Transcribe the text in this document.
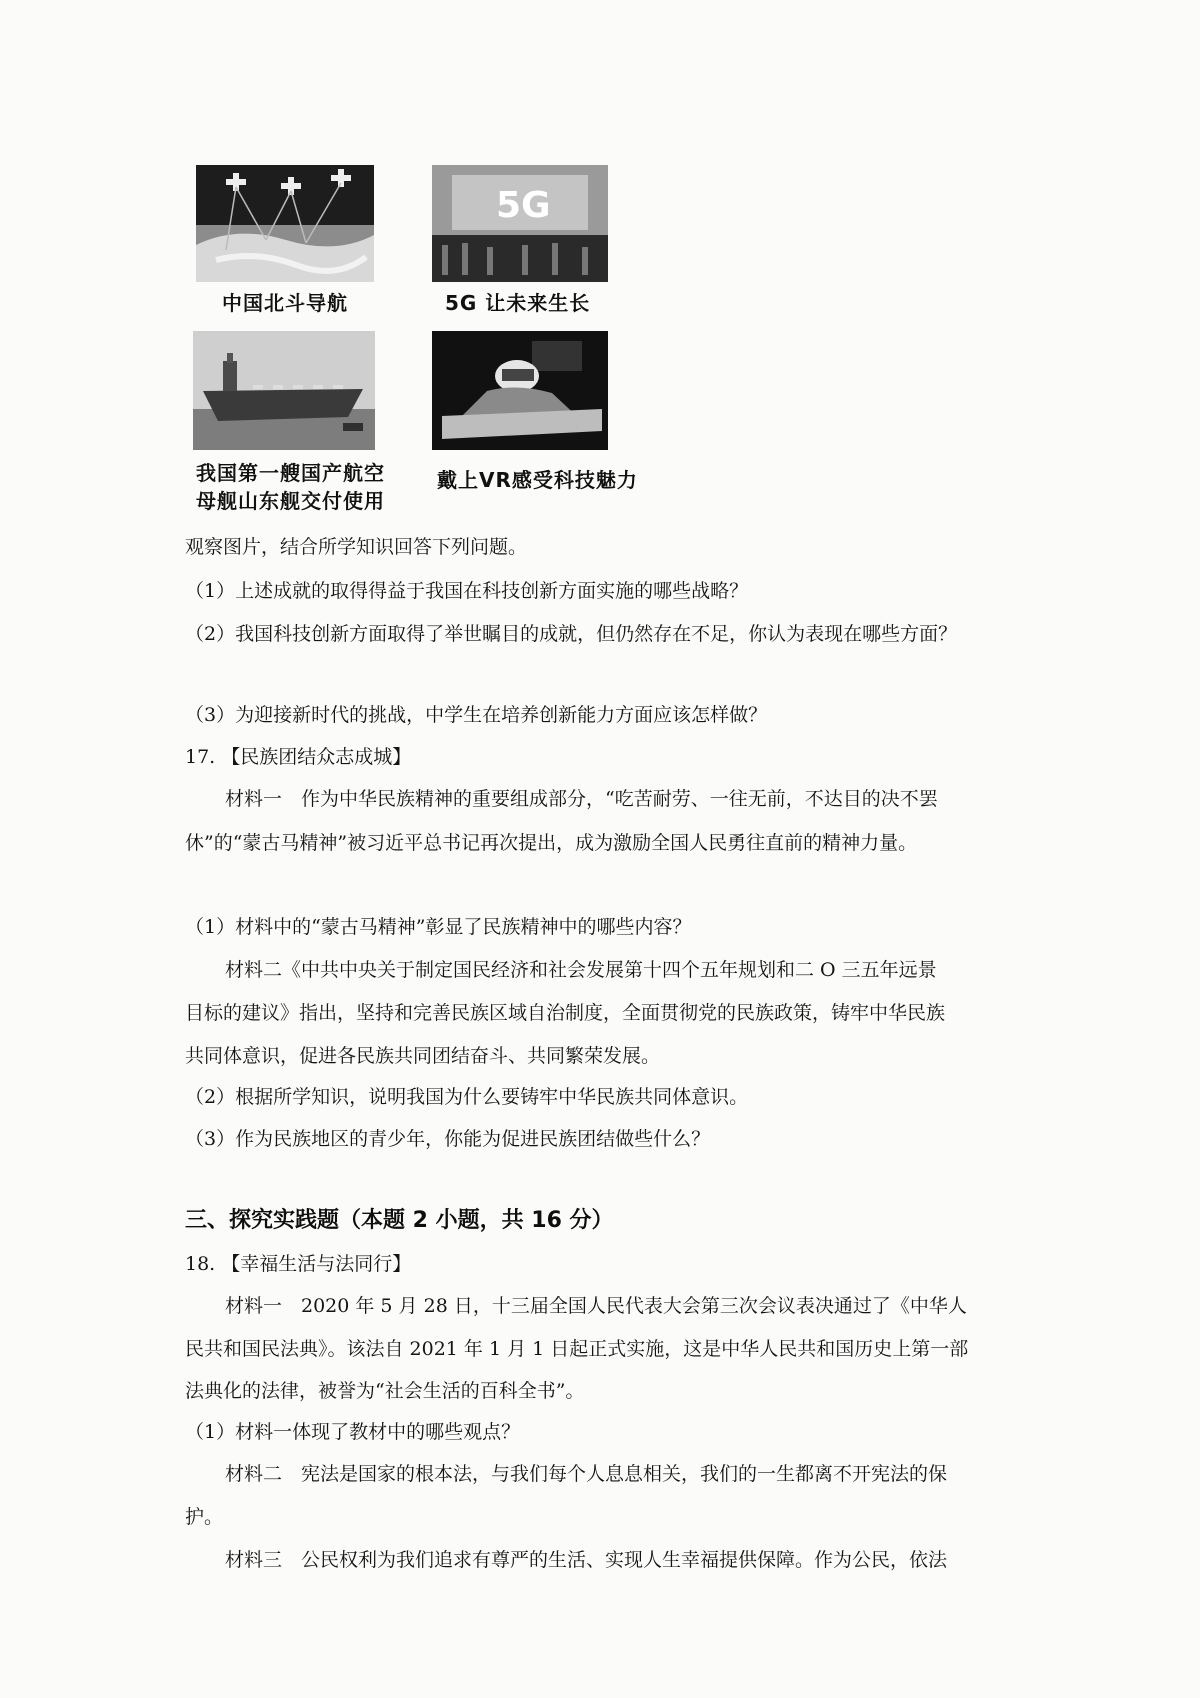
中国北斗导航
5G
5G 让未来生长
我国第一艘国产航空
母舰山东舰交付使用
戴上VR感受科技魅力
观察图片，结合所学知识回答下列问题。
（1）上述成就的取得得益于我国在科技创新方面实施的哪些战略？
（2）我国科技创新方面取得了举世瞩目的成就，但仍然存在不足，你认为表现在哪些方面？
（3）为迎接新时代的挑战，中学生在培养创新能力方面应该怎样做？
17. 【民族团结众志成城】
材料一　作为中华民族精神的重要组成部分，“吃苦耐劳、一往无前，不达目的决不罢
休”的“蒙古马精神”被习近平总书记再次提出，成为激励全国人民勇往直前的精神力量。
（1）材料中的“蒙古马精神”彰显了民族精神中的哪些内容？
材料二《中共中央关于制定国民经济和社会发展第十四个五年规划和二 O 三五年远景
目标的建议》指出，坚持和完善民族区域自治制度，全面贯彻党的民族政策，铸牢中华民族
共同体意识，促进各民族共同团结奋斗、共同繁荣发展。
（2）根据所学知识，说明我国为什么要铸牢中华民族共同体意识。
（3）作为民族地区的青少年，你能为促进民族团结做些什么？
三、探究实践题（本题 2 小题，共 16 分）
18. 【幸福生活与法同行】
材料一　2020 年 5 月 28 日，十三届全国人民代表大会第三次会议表决通过了《中华人
民共和国民法典》。该法自 2021 年 1 月 1 日起正式实施，这是中华人民共和国历史上第一部
法典化的法律，被誉为“社会生活的百科全书”。
（1）材料一体现了教材中的哪些观点？
材料二　宪法是国家的根本法，与我们每个人息息相关，我们的一生都离不开宪法的保
护。
材料三　公民权利为我们追求有尊严的生活、实现人生幸福提供保障。作为公民，依法
